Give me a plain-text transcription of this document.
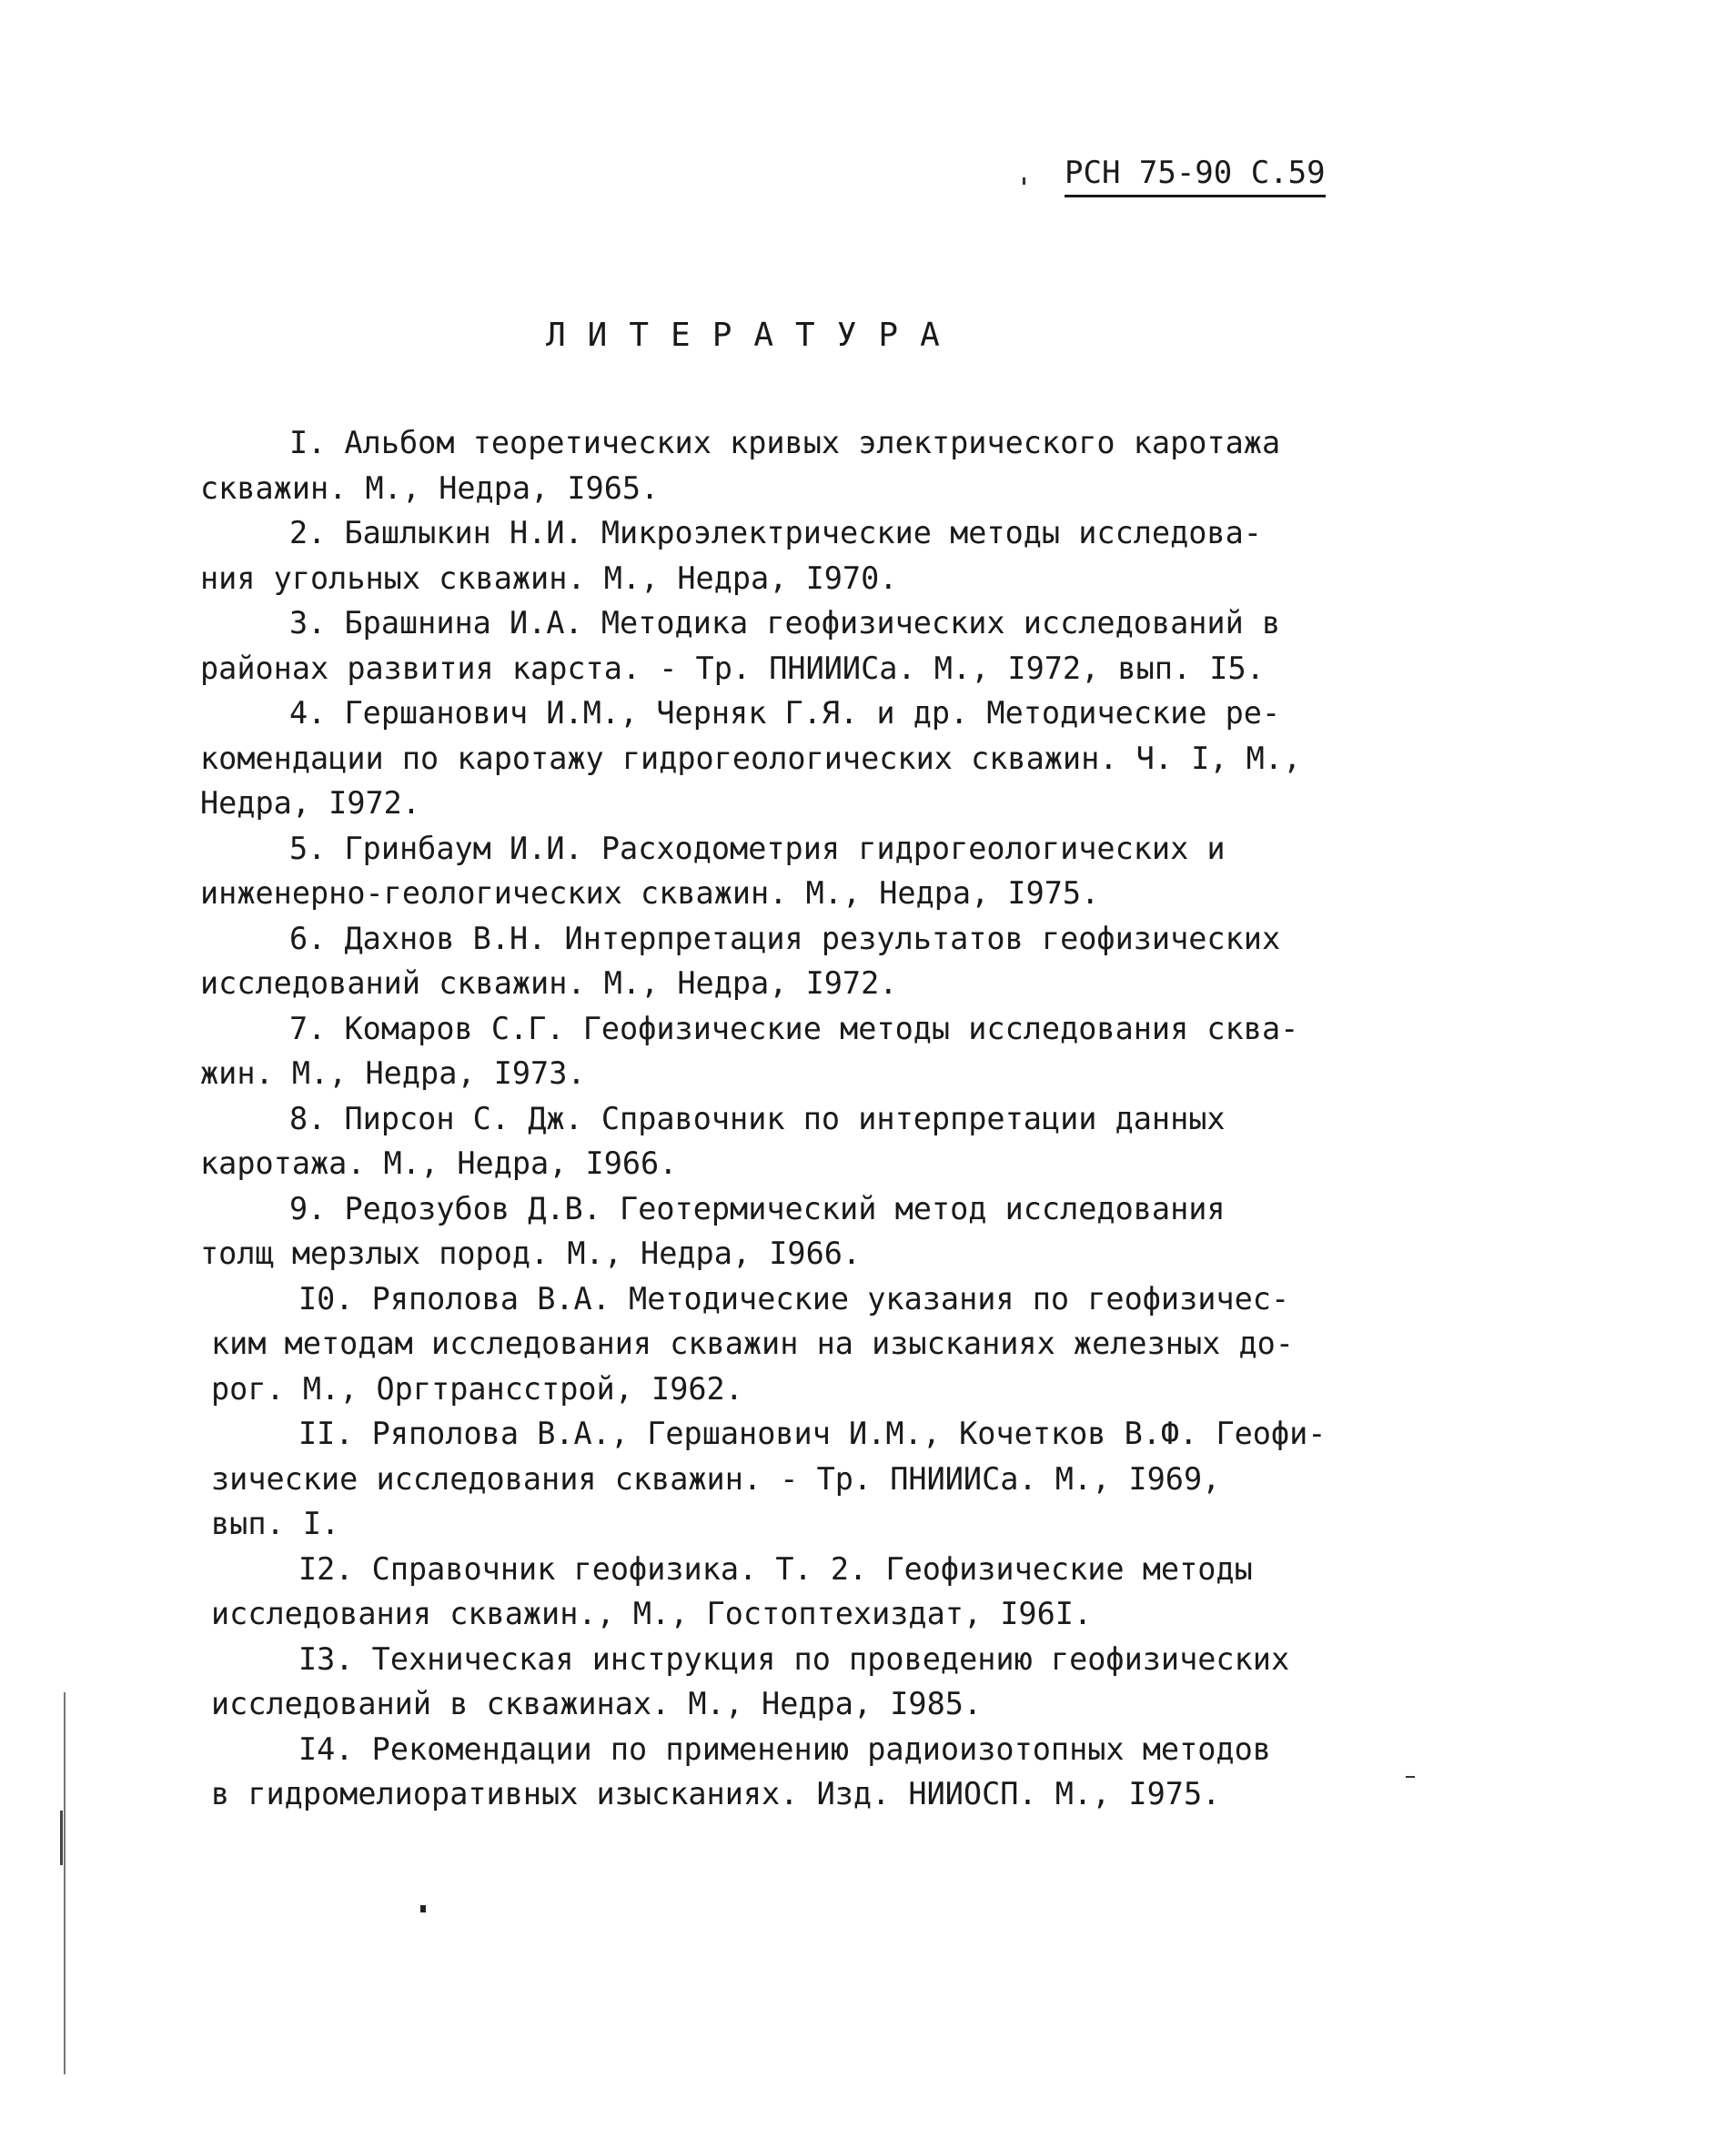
РСН 75-90 С.59
ЛИТЕРАТУРА
I. Альбом теоретических кривых электрического каротажа
скважин. М., Недра, I965.
2. Башлыкин Н.И. Микроэлектрические методы исследова-
ния угольных скважин. М., Недра, I970.
3. Брашнина И.А. Методика геофизических исследований в
районах развития карста. - Тр. ПНИИИСа. М., I972, вып. I5.
4. Гершанович И.М., Черняк Г.Я. и др. Методические ре-
комендации по каротажу гидрогеологических скважин. Ч. I, М.,
Недра, I972.
5. Гринбаум И.И. Расходометрия гидрогеологических и
инженерно-геологических скважин. М., Недра, I975.
6. Дахнов В.Н. Интерпретация результатов геофизических
исследований скважин. М., Недра, I972.
7. Комаров С.Г. Геофизические методы исследования сква-
жин. М., Недра, I973.
8. Пирсон С. Дж. Справочник по интерпретации данных
каротажа. М., Недра, I966.
9. Редозубов Д.В. Геотермический метод исследования
толщ мерзлых пород. М., Недра, I966.
I0. Ряполова В.А. Методические указания по геофизичес-
ким методам исследования скважин на изысканиях железных до-
рог. М., Оргтрансстрой, I962.
II. Ряполова В.А., Гершанович И.М., Кочетков В.Ф. Геофи-
зические исследования скважин. - Тр. ПНИИИСа. М., I969,
вып. I.
I2. Справочник геофизика. Т. 2. Геофизические методы
исследования скважин., М., Гостоптехиздат, I96I.
I3. Техническая инструкция по проведению геофизических
исследований в скважинах. М., Недра, I985.
I4. Рекомендации по применению радиоизотопных методов
в гидромелиоративных изысканиях. Изд. НИИОСП. М., I975.
